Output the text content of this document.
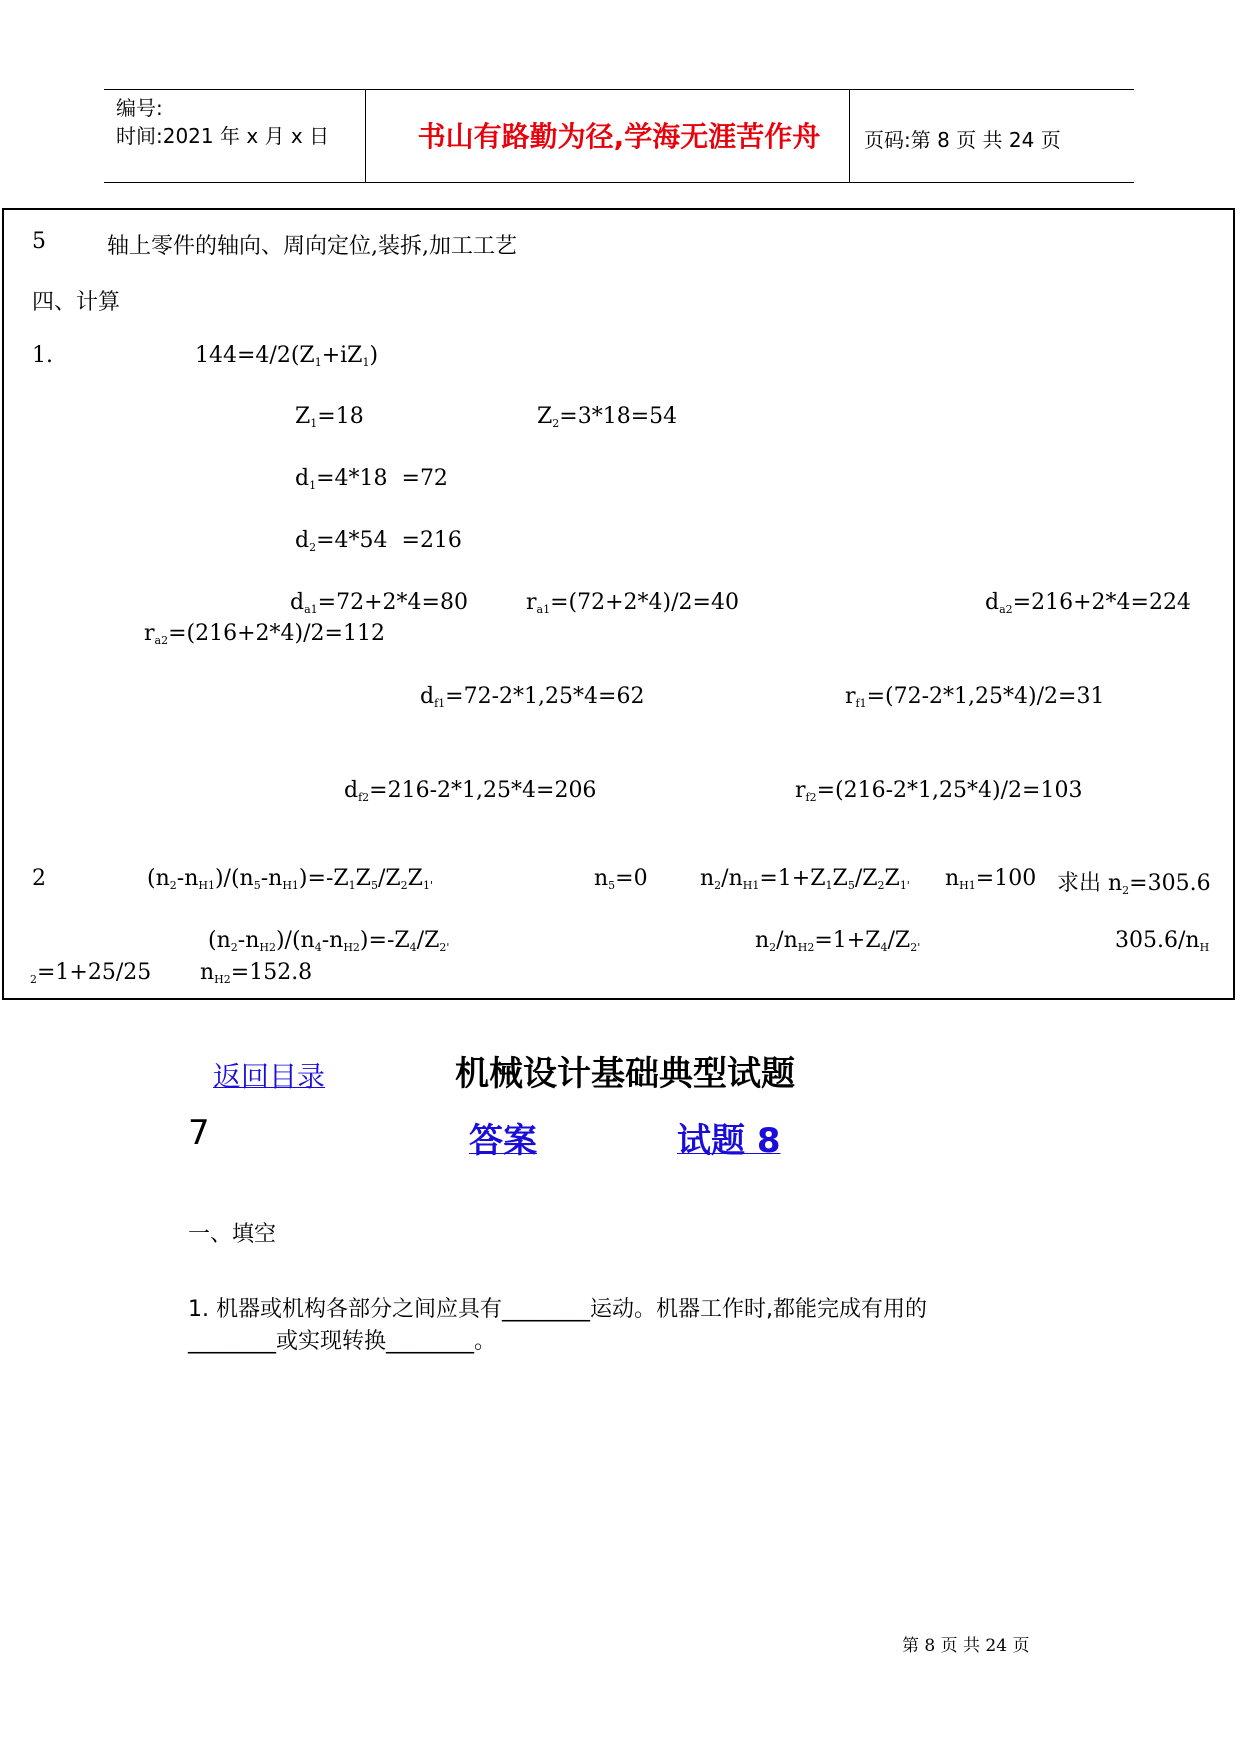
编号:
时间:2021 年 x 月 x 日	书山有路勤为径,学海无涯苦作舟	页码:第 8 页 共 24 页
5	轴上零件的轴向、周向定位,装拆,加工工艺
四、计算
1.	$144=4/2(Z_1+iZ_1)$
$Z_1=18$	$Z_2=3*18=54$
$d_1=4*18 =72$
$d_2=4*54 =216$
$d_{a1}=72+2*4=80$	$r_{a1}=(72+2*4)/2=40$	$d_{a2}=216+2*4=224$
$r_{a2}=(216+2*4)/2=112$
$d_{f1}=72-2*1,25*4=62$	$r_{f1}=(72-2*1,25*4)/2=31$
$d_{f2}=216-2*1,25*4=206$	$r_{f2}=(216-2*1,25*4)/2=103$
2	$(n_2-n_{H1})/(n_5-n_{H1})=-Z_1Z_5/Z_2Z_{1'}$	$n_5=0$ $n_2/n_{H1}=1+Z_1Z_5/Z_2Z_{1'}$ $n_{H1}=100$ 求出 $n_2=305.6$
$(n_2-n_{H2})/(n_4-n_{H2})=-Z_4/Z_{2'}$	$n_2/n_{H2}=1+Z_4/Z_{2'}$	$305.6/n_H$
$_2$=1+25/25 $n_{H2}=152.8$
返回目录	机械设计基础典型试题
7	答案	试题 8
一、填空
1. 机器或机构各部分之间应具有________运动。机器工作时,都能完成有用的
________或实现转换________。
第 8 页 共 24 页
